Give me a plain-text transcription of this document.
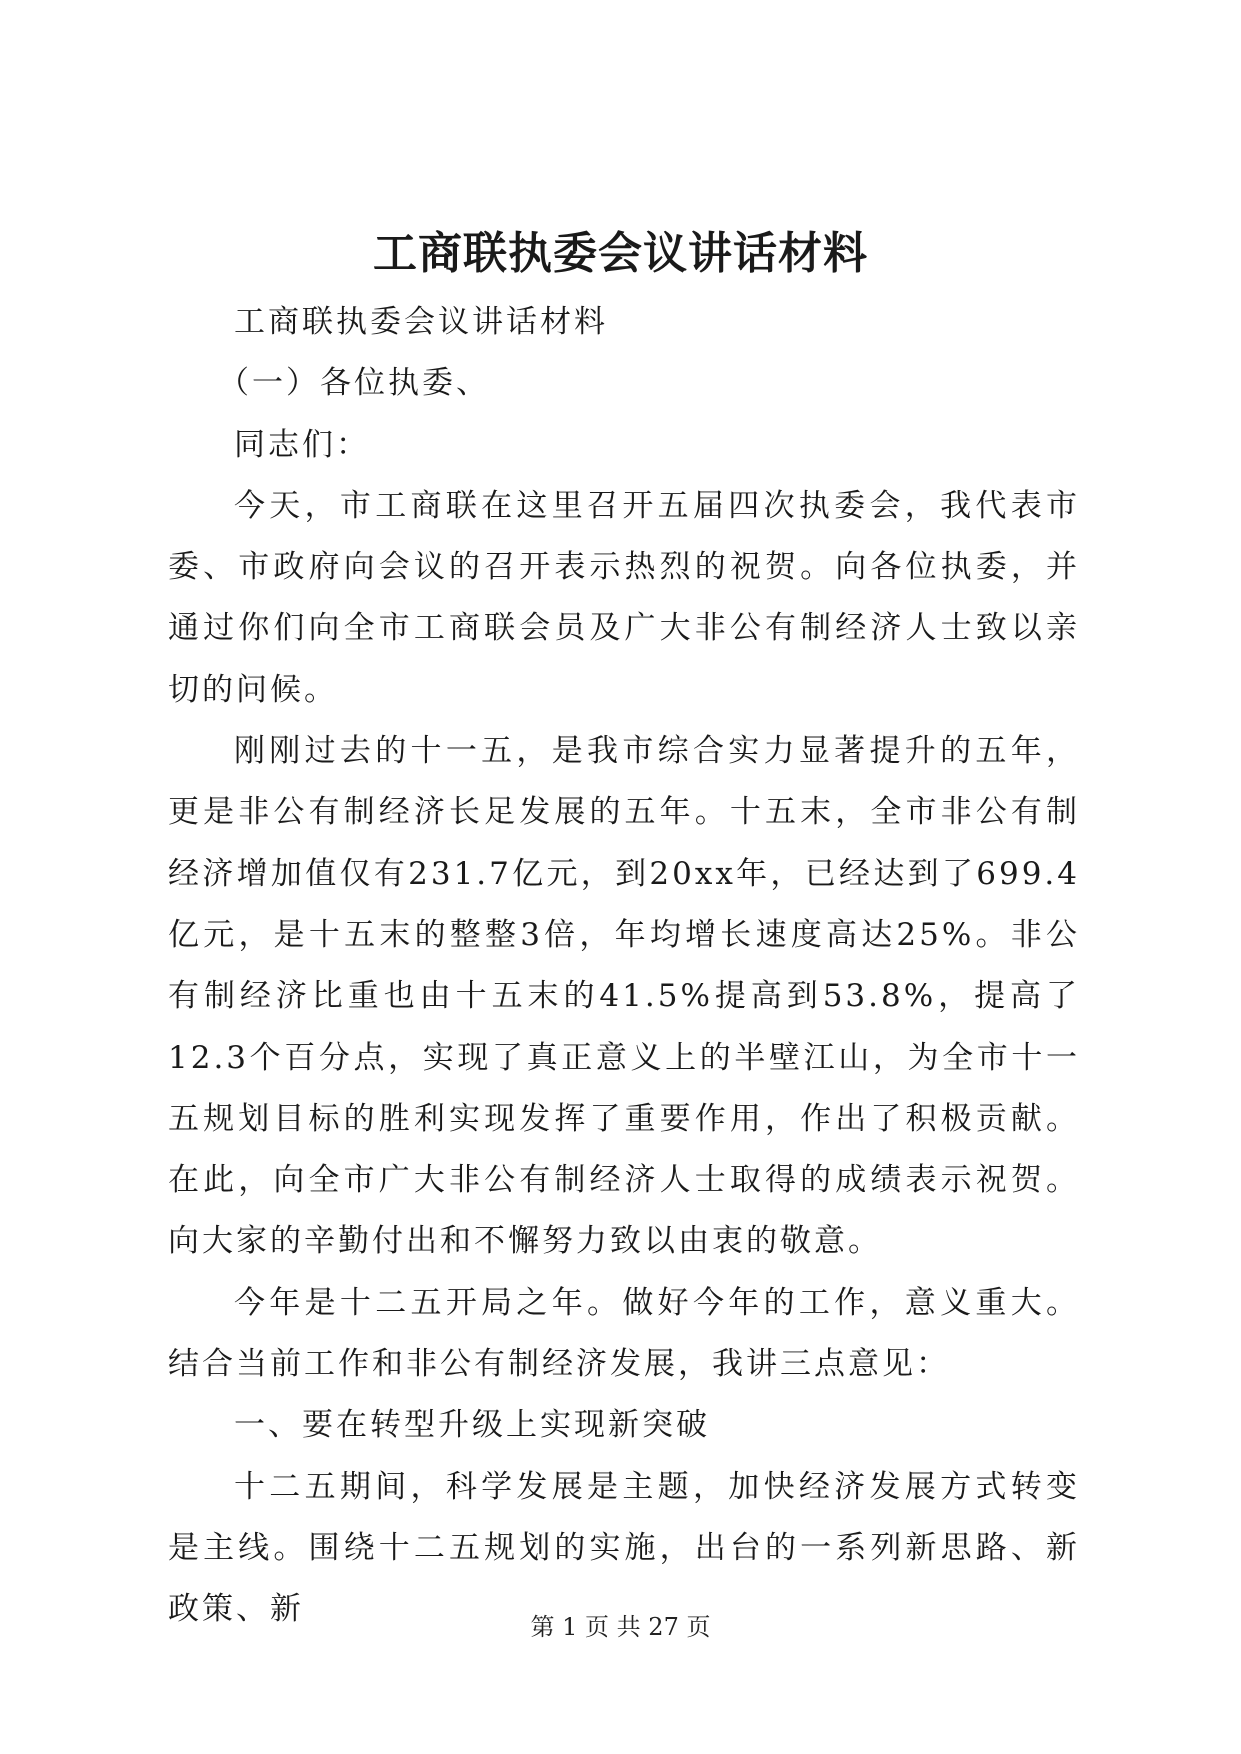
工商联执委会议讲话材料

工商联执委会议讲话材料

（一）各位执委、

同志们：

今天，市工商联在这里召开五届四次执委会，我代表市委、市政府向会议的召开表示热烈的祝贺。向各位执委，并通过你们向全市工商联会员及广大非公有制经济人士致以亲切的问候。

刚刚过去的十一五，是我市综合实力显著提升的五年，更是非公有制经济长足发展的五年。十五末，全市非公有制经济增加值仅有231.7亿元，到20xx年，已经达到了699.4亿元，是十五末的整整3倍，年均增长速度高达25%。非公有制经济比重也由十五末的41.5%提高到53.8%，提高了12.3个百分点，实现了真正意义上的半壁江山，为全市十一五规划目标的胜利实现发挥了重要作用，作出了积极贡献。在此，向全市广大非公有制经济人士取得的成绩表示祝贺。向大家的辛勤付出和不懈努力致以由衷的敬意。

今年是十二五开局之年。做好今年的工作，意义重大。结合当前工作和非公有制经济发展，我讲三点意见：

一、要在转型升级上实现新突破

十二五期间，科学发展是主题，加快经济发展方式转变是主线。围绕十二五规划的实施，出台的一系列新思路、新政策、新	第 1 页 共 27 页
